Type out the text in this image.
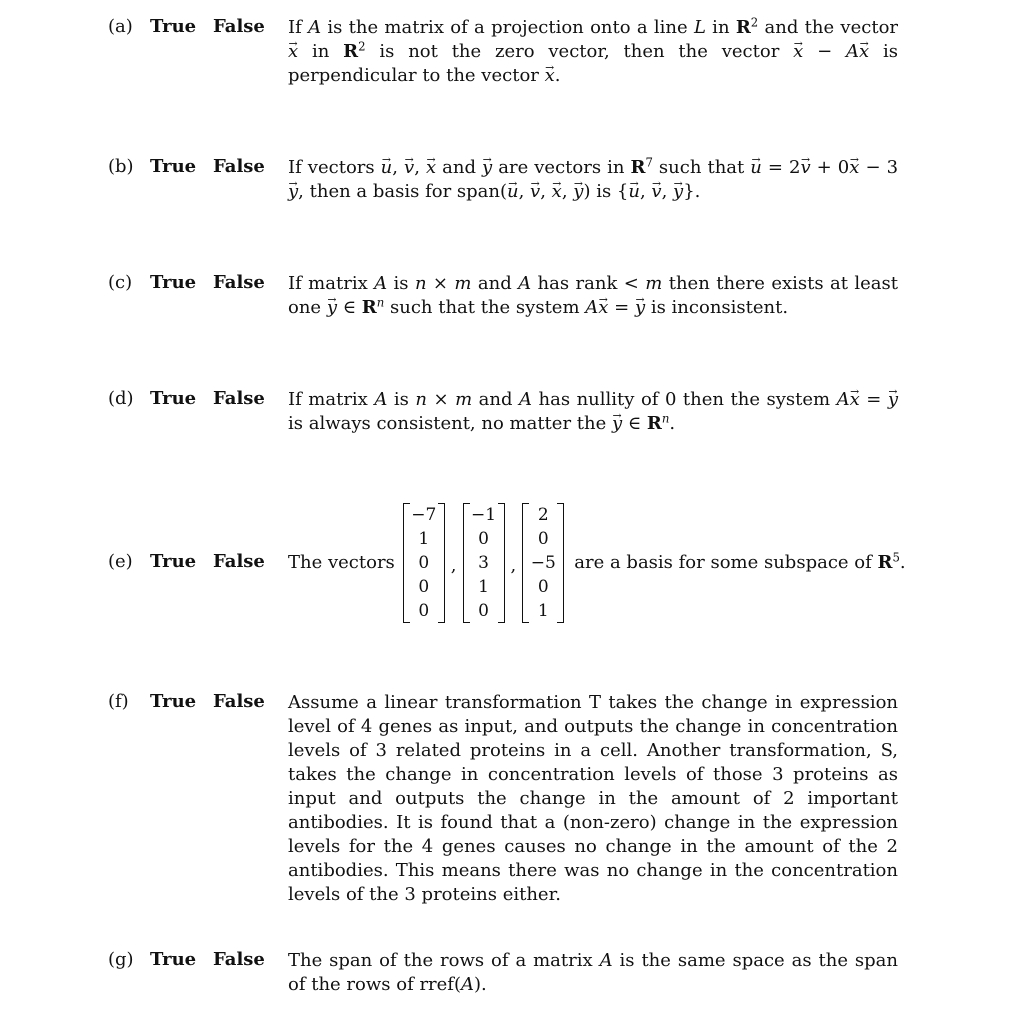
(a) True False If A is the matrix of a projection onto a line L in $R^2$ and the vector → x in $R^2$ is not the zero vector, then the vector → x − A→ x is perpendicular to the vector → x.
(b) True False If vectors → u, → v, → x and → y are vectors in $R^7$ such that → u = 2→ v + 0→ x − 3→ y, then a basis for span(→ u, → v, → x, → y) is {→ u, → v, → y}.
(c) True False If matrix A is n × m and A has rank < m then there exists at least one → y ∈ $R^n$ such that the system A→ x = → y is inconsistent.
(d) True False If matrix A is n × m and A has nullity of 0 then the system A→ x = → y is always consistent, no matter the → y ∈ $R^n$.
(e) True False The vectors
−7
1
0
0
0
,
−1
0
3
1
0
,
2
0
−5
0
1
are a basis for some subspace of $R^5$.
(f) True False Assume a linear transformation T takes the change in expression level of 4 genes as input, and outputs the change in concentration levels of 3 related proteins in a cell. Another transformation, S, takes the change in concentration levels of those 3 proteins as input and outputs the change in the amount of 2 important antibodies. It is found that a (non-zero) change in the expression levels for the 4 genes causes no change in the amount of the 2 antibodies. This means there was no change in the concentration levels of the 3 proteins either.
(g) True False The span of the rows of a matrix A is the same space as the span of the rows of rref(A).
